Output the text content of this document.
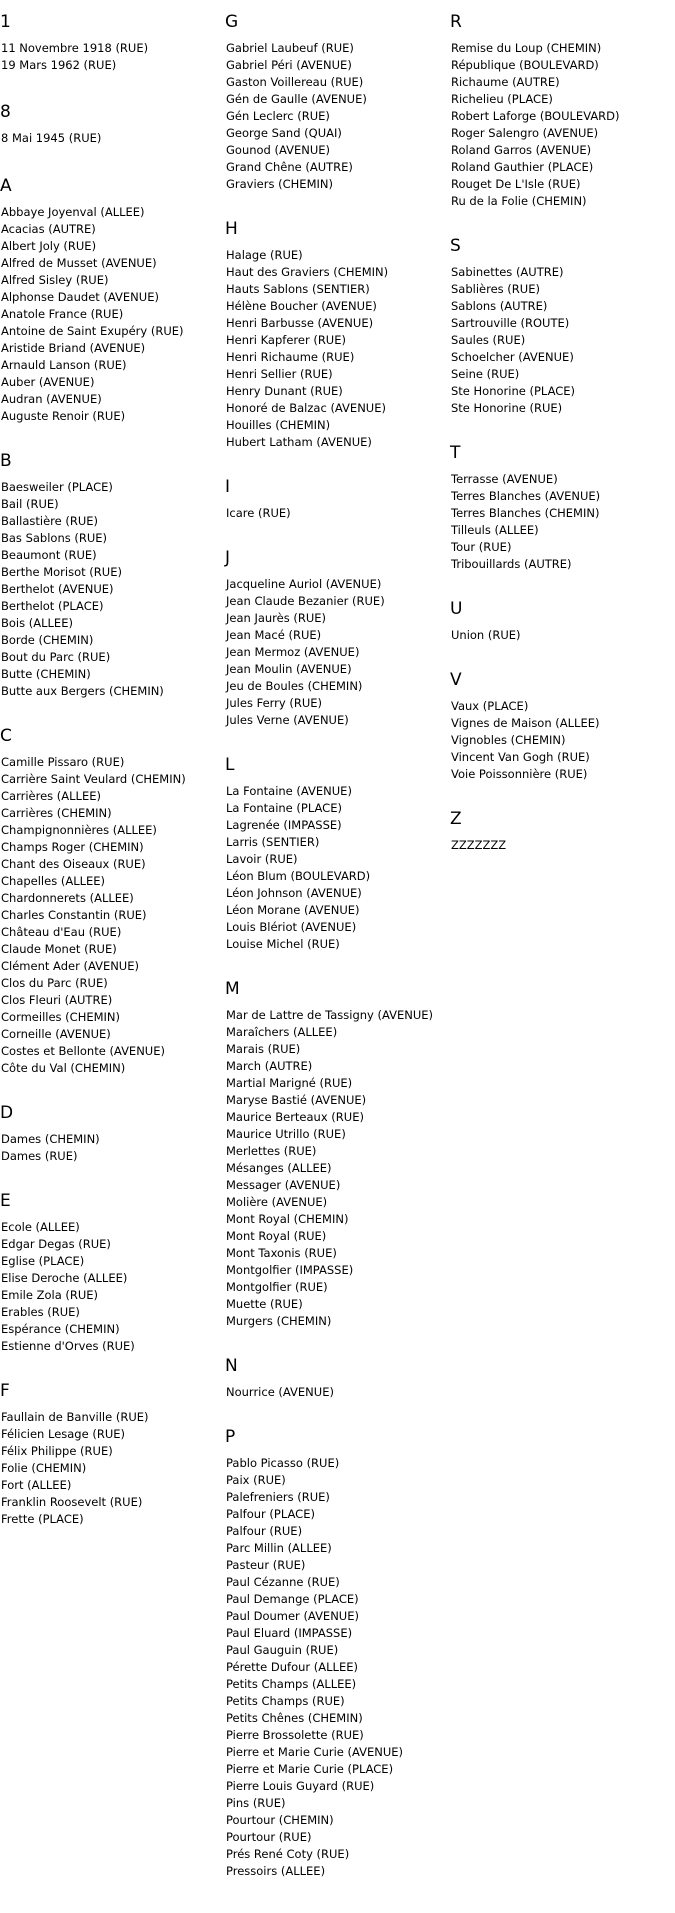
1
11 Novembre 1918 (RUE)
19 Mars 1962 (RUE)
8
8 Mai 1945 (RUE)
A
Abbaye Joyenval (ALLEE)
Acacias (AUTRE)
Albert Joly (RUE)
Alfred de Musset (AVENUE)
Alfred Sisley (RUE)
Alphonse Daudet (AVENUE)
Anatole France (RUE)
Antoine de Saint Exupéry (RUE)
Aristide Briand (AVENUE)
Arnauld Lanson (RUE)
Auber (AVENUE)
Audran (AVENUE)
Auguste Renoir (RUE)
B
Baesweiler (PLACE)
Bail (RUE)
Ballastière (RUE)
Bas Sablons (RUE)
Beaumont (RUE)
Berthe Morisot (RUE)
Berthelot (AVENUE)
Berthelot (PLACE)
Bois (ALLEE)
Borde (CHEMIN)
Bout du Parc (RUE)
Butte (CHEMIN)
Butte aux Bergers (CHEMIN)
C
Camille Pissaro (RUE)
Carrière Saint Veulard (CHEMIN)
Carrières (ALLEE)
Carrières (CHEMIN)
Champignonnières (ALLEE)
Champs Roger (CHEMIN)
Chant des Oiseaux (RUE)
Chapelles (ALLEE)
Chardonnerets (ALLEE)
Charles Constantin (RUE)
Château d'Eau (RUE)
Claude Monet (RUE)
Clément Ader (AVENUE)
Clos du Parc (RUE)
Clos Fleuri (AUTRE)
Cormeilles (CHEMIN)
Corneille (AVENUE)
Costes et Bellonte (AVENUE)
Côte du Val (CHEMIN)
D
Dames (CHEMIN)
Dames (RUE)
E
Ecole (ALLEE)
Edgar Degas (RUE)
Eglise (PLACE)
Elise Deroche (ALLEE)
Emile Zola (RUE)
Erables (RUE)
Espérance (CHEMIN)
Estienne d'Orves (RUE)
F
Faullain de Banville (RUE)
Félicien Lesage (RUE)
Félix Philippe (RUE)
Folie (CHEMIN)
Fort (ALLEE)
Franklin Roosevelt (RUE)
Frette (PLACE)
G
Gabriel Laubeuf (RUE)
Gabriel Péri (AVENUE)
Gaston Voillereau (RUE)
Gén de Gaulle (AVENUE)
Gén Leclerc (RUE)
George Sand (QUAI)
Gounod (AVENUE)
Grand Chêne (AUTRE)
Graviers (CHEMIN)
H
Halage (RUE)
Haut des Graviers (CHEMIN)
Hauts Sablons (SENTIER)
Hélène Boucher (AVENUE)
Henri Barbusse (AVENUE)
Henri Kapferer (RUE)
Henri Richaume (RUE)
Henri Sellier (RUE)
Henry Dunant (RUE)
Honoré de Balzac (AVENUE)
Houilles (CHEMIN)
Hubert Latham (AVENUE)
I
Icare (RUE)
J
Jacqueline Auriol (AVENUE)
Jean Claude Bezanier (RUE)
Jean Jaurès (RUE)
Jean Macé (RUE)
Jean Mermoz (AVENUE)
Jean Moulin (AVENUE)
Jeu de Boules (CHEMIN)
Jules Ferry (RUE)
Jules Verne (AVENUE)
L
La Fontaine (AVENUE)
La Fontaine (PLACE)
Lagrenée (IMPASSE)
Larris (SENTIER)
Lavoir (RUE)
Léon Blum (BOULEVARD)
Léon Johnson (AVENUE)
Léon Morane (AVENUE)
Louis Blériot (AVENUE)
Louise Michel (RUE)
M
Mar de Lattre de Tassigny (AVENUE)
Maraîchers (ALLEE)
Marais (RUE)
March (AUTRE)
Martial Marigné (RUE)
Maryse Bastié (AVENUE)
Maurice Berteaux (RUE)
Maurice Utrillo (RUE)
Merlettes (RUE)
Mésanges (ALLEE)
Messager (AVENUE)
Molière (AVENUE)
Mont Royal (CHEMIN)
Mont Royal (RUE)
Mont Taxonis (RUE)
Montgolfier (IMPASSE)
Montgolfier (RUE)
Muette (RUE)
Murgers (CHEMIN)
N
Nourrice (AVENUE)
P
Pablo Picasso (RUE)
Paix (RUE)
Palefreniers (RUE)
Palfour (PLACE)
Palfour (RUE)
Parc Millin (ALLEE)
Pasteur (RUE)
Paul Cézanne (RUE)
Paul Demange (PLACE)
Paul Doumer (AVENUE)
Paul Eluard (IMPASSE)
Paul Gauguin (RUE)
Pérette Dufour (ALLEE)
Petits Champs (ALLEE)
Petits Champs (RUE)
Petits Chênes (CHEMIN)
Pierre Brossolette (RUE)
Pierre et Marie Curie (AVENUE)
Pierre et Marie Curie (PLACE)
Pierre Louis Guyard (RUE)
Pins (RUE)
Pourtour (CHEMIN)
Pourtour (RUE)
Prés René Coty (RUE)
Pressoirs (ALLEE)
R
Remise du Loup (CHEMIN)
République (BOULEVARD)
Richaume (AUTRE)
Richelieu (PLACE)
Robert Laforge (BOULEVARD)
Roger Salengro (AVENUE)
Roland Garros (AVENUE)
Roland Gauthier (PLACE)
Rouget De L'Isle (RUE)
Ru de la Folie (CHEMIN)
S
Sabinettes (AUTRE)
Sablières (RUE)
Sablons (AUTRE)
Sartrouville (ROUTE)
Saules (RUE)
Schoelcher (AVENUE)
Seine (RUE)
Ste Honorine (PLACE)
Ste Honorine (RUE)
T
Terrasse (AVENUE)
Terres Blanches (AVENUE)
Terres Blanches (CHEMIN)
Tilleuls (ALLEE)
Tour (RUE)
Tribouillards (AUTRE)
U
Union (RUE)
V
Vaux (PLACE)
Vignes de Maison (ALLEE)
Vignobles (CHEMIN)
Vincent Van Gogh (RUE)
Voie Poissonnière (RUE)
Z
ZZZZZZZ
